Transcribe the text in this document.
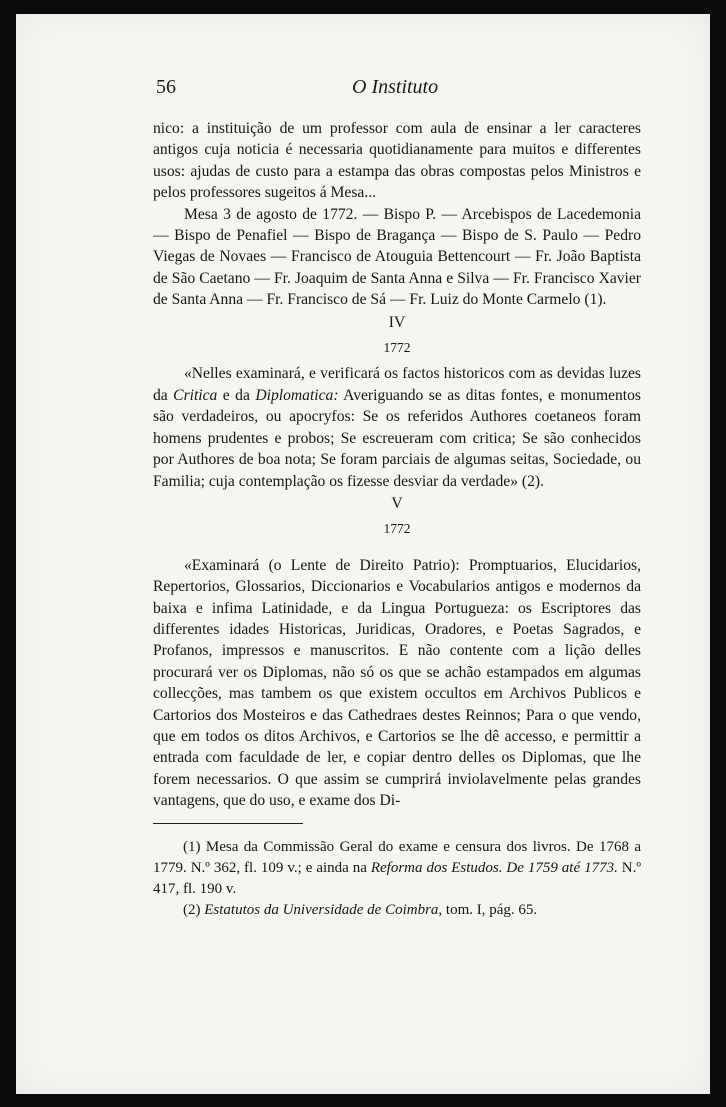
56	O Instituto

nico: a instituição de um professor com aula de ensinar a ler caracteres antigos cuja noticia é necessaria quotidianamente para muitos e differentes usos: ajudas de custo para a estampa das obras compostas pelos Ministros e pelos professores sugeitos á Mesa...

Mesa 3 de agosto de 1772. — Bispo P. — Arcebispos de Lacedemonia — Bispo de Penafiel — Bispo de Bragança — Bispo de S. Paulo — Pedro Viegas de Novaes — Francisco de Atouguia Bettencourt — Fr. João Baptista de São Caetano — Fr. Joaquim de Santa Anna e Silva — Fr. Francisco Xavier de Santa Anna — Fr. Francisco de Sá — Fr. Luiz do Monte Carmelo (1).

IV
1772

«Nelles examinará, e verificará os factos historicos com as devidas luzes da Critica e da Diplomatica: Averiguando se as ditas fontes, e monumentos são verdadeiros, ou apocryfos: Se os referidos Authores coetaneos foram homens prudentes e probos; Se escreueram com critica; Se são conhecidos por Authores de boa nota; Se foram parciais de algumas seitas, Sociedade, ou Familia; cuja contemplação os fizesse desviar da verdade» (2).

V
1772

«Examinará (o Lente de Direito Patrio): Promptuarios, Elucidarios, Repertorios, Glossarios, Diccionarios e Vocabularios antigos e modernos da baixa e infima Latinidade, e da Lingua Portugueza: os Escriptores das differentes idades Historicas, Juridicas, Oradores, e Poetas Sagrados, e Profanos, impressos e manuscritos. E não contente com a lição delles procurará ver os Diplomas, não só os que se achão estampados em algumas collecções, mas tambem os que existem occultos em Archivos Publicos e Cartorios dos Mosteiros e das Cathedraes destes Reinnos; Para o que vendo, que em todos os ditos Archivos, e Cartorios se lhe dê accesso, e permittir a entrada com faculdade de ler, e copiar dentro delles os Diplomas, que lhe forem necessarios. O que assim se cumprirá inviolavelmente pelas grandes vantagens, que do uso, e exame dos Di-

(1) Mesa da Commissão Geral do exame e censura dos livros. De 1768 a 1779. N.º 362, fl. 109 v.; e ainda na Reforma dos Estudos. De 1759 até 1773. N.º 417, fl. 190 v.

(2) Estatutos da Universidade de Coimbra, tom. I, pág. 65.
